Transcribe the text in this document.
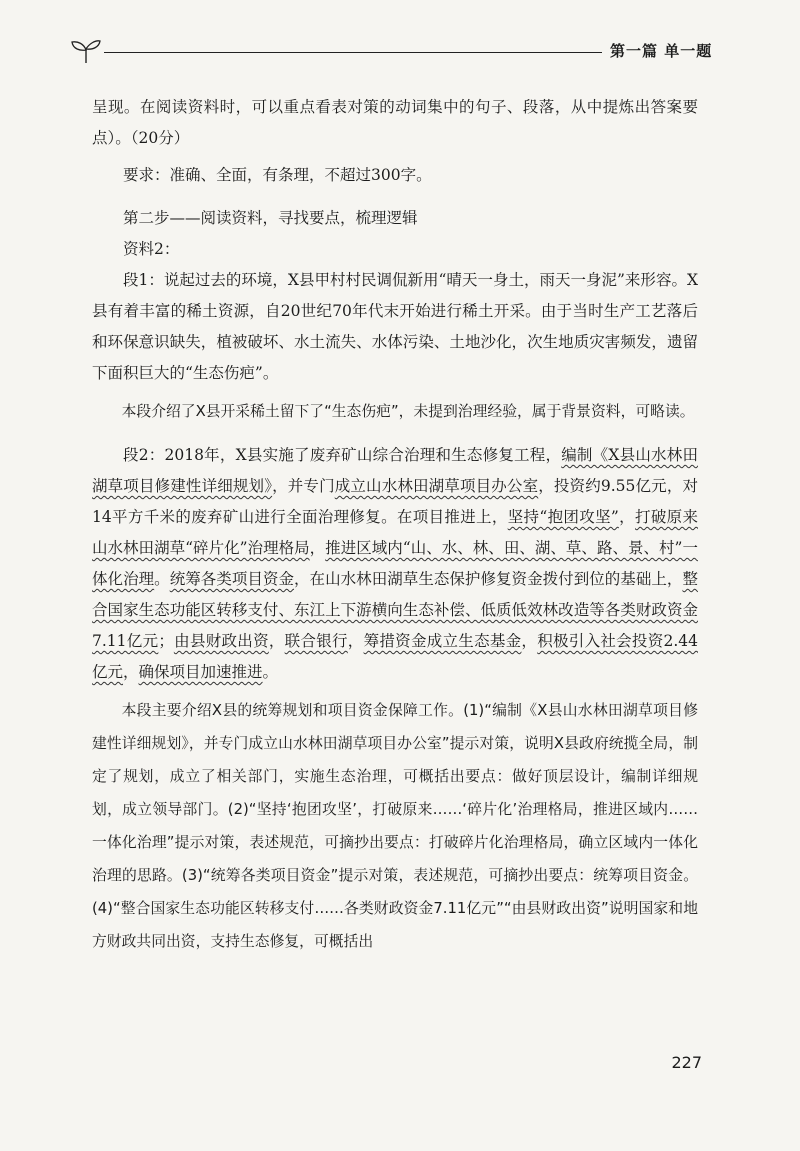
第一篇 单一题

呈现。在阅读资料时，可以重点看表对策的动词集中的句子、段落，从中提炼出答案要点）。（20分）

要求：准确、全面，有条理，不超过300字。

第二步——阅读资料，寻找要点，梳理逻辑

资料2：

段1：说起过去的环境，X县甲村村民调侃新用“晴天一身土，雨天一身泥”来形容。X县有着丰富的稀土资源，自20世纪70年代末开始进行稀土开采。由于当时生产工艺落后和环保意识缺失，植被破坏、水土流失、水体污染、土地沙化，次生地质灾害频发，遗留下面积巨大的“生态伤疤”。

本段介绍了X县开采稀土留下了“生态伤疤”，未提到治理经验，属于背景资料，可略读。

段2：2018年，X县实施了废弃矿山综合治理和生态修复工程，编制《X县山水林田湖草项目修建性详细规划》，并专门成立山水林田湖草项目办公室，投资约9.55亿元，对14平方千米的废弃矿山进行全面治理修复。在项目推进上，坚持“抱团攻坚”，打破原来山水林田湖草“碎片化”治理格局，推进区域内“山、水、林、田、湖、草、路、景、村”一体化治理。统筹各类项目资金，在山水林田湖草生态保护修复资金拨付到位的基础上，整合国家生态功能区转移支付、东江上下游横向生态补偿、低质低效林改造等各类财政资金7.11亿元；由县财政出资，联合银行，筹措资金成立生态基金，积极引入社会投资2.44亿元，确保项目加速推进。

本段主要介绍X县的统筹规划和项目资金保障工作。(1)“编制《X县山水林田湖草项目修建性详细规划》，并专门成立山水林田湖草项目办公室”提示对策，说明X县政府统揽全局，制定了规划，成立了相关部门，实施生态治理，可概括出要点：做好顶层设计，编制详细规划，成立领导部门。(2)“坚持‘抱团攻坚’，打破原来……‘碎片化’治理格局，推进区域内……一体化治理”提示对策，表述规范，可摘抄出要点：打破碎片化治理格局，确立区域内一体化治理的思路。(3)“统筹各类项目资金”提示对策，表述规范，可摘抄出要点：统筹项目资金。(4)“整合国家生态功能区转移支付……各类财政资金7.11亿元”“由县财政出资”说明国家和地方财政共同出资，支持生态修复，可概括出

227
